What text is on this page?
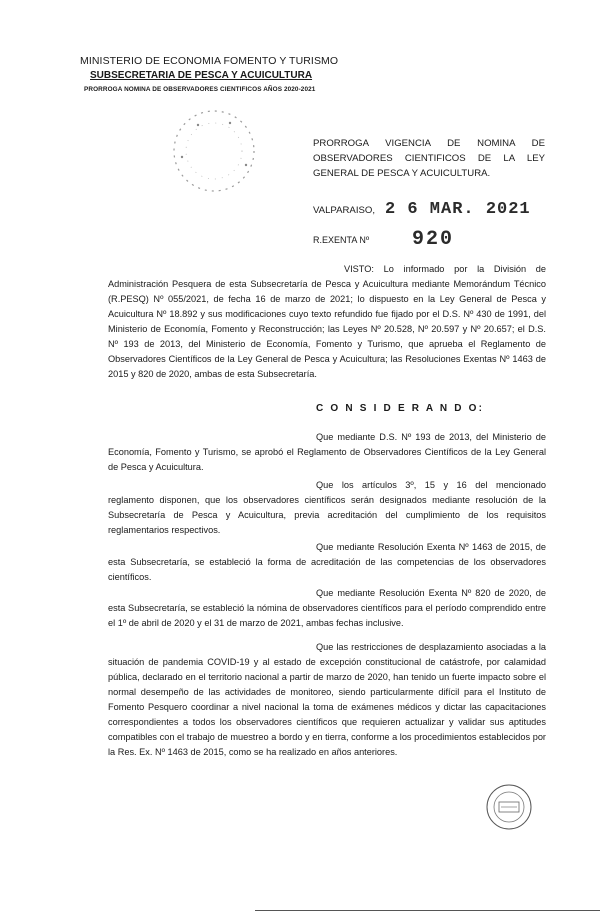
MINISTERIO DE ECONOMIA FOMENTO Y TURISMO
SUBSECRETARIA DE PESCA Y ACUICULTURA
PRORROGA NOMINA DE OBSERVADORES CIENTIFICOS AÑOS 2020-2021
PRORROGA VIGENCIA DE NOMINA DE OBSERVADORES CIENTIFICOS DE LA LEY GENERAL DE PESCA Y ACUICULTURA.
VALPARAISO, 2 6 MAR. 2021
R.EXENTA Nº 920
VISTO: Lo informado por la División de Administración Pesquera de esta Subsecretaría de Pesca y Acuicultura mediante Memorándum Técnico (R.PESQ) Nº 055/2021, de fecha 16 de marzo de 2021; lo dispuesto en la Ley General de Pesca y Acuicultura Nº 18.892 y sus modificaciones cuyo texto refundido fue fijado por el D.S. Nº 430 de 1991, del Ministerio de Economía, Fomento y Reconstrucción; las Leyes Nº 20.528, Nº 20.597 y Nº 20.657; el D.S. Nº 193 de 2013, del Ministerio de Economía, Fomento y Turismo, que aprueba el Reglamento de Observadores Científicos de la Ley General de Pesca y Acuicultura; las Resoluciones Exentas Nº 1463 de 2015 y 820 de 2020, ambas de esta Subsecretaría.
C O N S I D E R A N D O:
Que mediante D.S. Nº 193 de 2013, del Ministerio de Economía, Fomento y Turismo, se aprobó el Reglamento de Observadores Científicos de la Ley General de Pesca y Acuicultura.
Que los artículos 3º, 15 y 16 del mencionado reglamento disponen, que los observadores científicos serán designados mediante resolución de la Subsecretaría de Pesca y Acuicultura, previa acreditación del cumplimiento de los requisitos reglamentarios respectivos.
Que mediante Resolución Exenta Nº 1463 de 2015, de esta Subsecretaría, se estableció la forma de acreditación de las competencias de los observadores científicos.
Que mediante Resolución Exenta Nº 820 de 2020, de esta Subsecretaría, se estableció la nómina de observadores científicos para el período comprendido entre el 1º de abril de 2020 y el 31 de marzo de 2021, ambas fechas inclusive.
Que las restricciones de desplazamiento asociadas a la situación de pandemia COVID-19 y al estado de excepción constitucional de catástrofe, por calamidad pública, declarado en el territorio nacional a partir de marzo de 2020, han tenido un fuerte impacto sobre el normal desempeño de las actividades de monitoreo, siendo particularmente difícil para el Instituto de Fomento Pesquero coordinar a nivel nacional la toma de exámenes médicos y dictar las capacitaciones correspondientes a todos los observadores científicos que requieren actualizar y validar sus aptitudes compatibles con el trabajo de muestreo a bordo y en tierra, conforme a los procedimientos establecidos por la Res. Ex. Nº 1463 de 2015, como se ha realizado en años anteriores.
